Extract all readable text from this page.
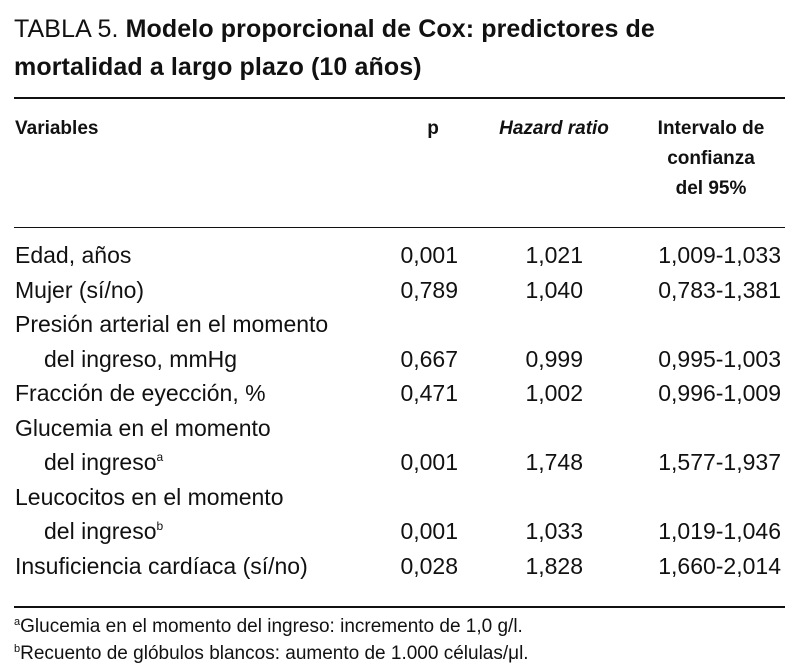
TABLA 5. Modelo proporcional de Cox: predictores de
mortalidad a largo plazo (10 años)

Variables	p	Hazard ratio	Intervalo de
confianza
del 95%
Edad, años	0,001	1,021	1,009-1,033
Mujer (sí/no)	0,789	1,040	0,783-1,381
Presión arterial en el momento
del ingreso, mmHg	0,667	0,999	0,995-1,003
Fracción de eyección, %	0,471	1,002	0,996-1,009
Glucemia en el momento
del ingreso$^a$	0,001	1,748	1,577-1,937
Leucocitos en el momento
del ingreso$^b$	0,001	1,033	1,019-1,046
Insuficiencia cardíaca (sí/no)	0,028	1,828	1,660-2,014
$^a$Glucemia en el momento del ingreso: incremento de 1,0 g/l.
$^b$Recuento de glóbulos blancos: aumento de 1.000 células/μl.
